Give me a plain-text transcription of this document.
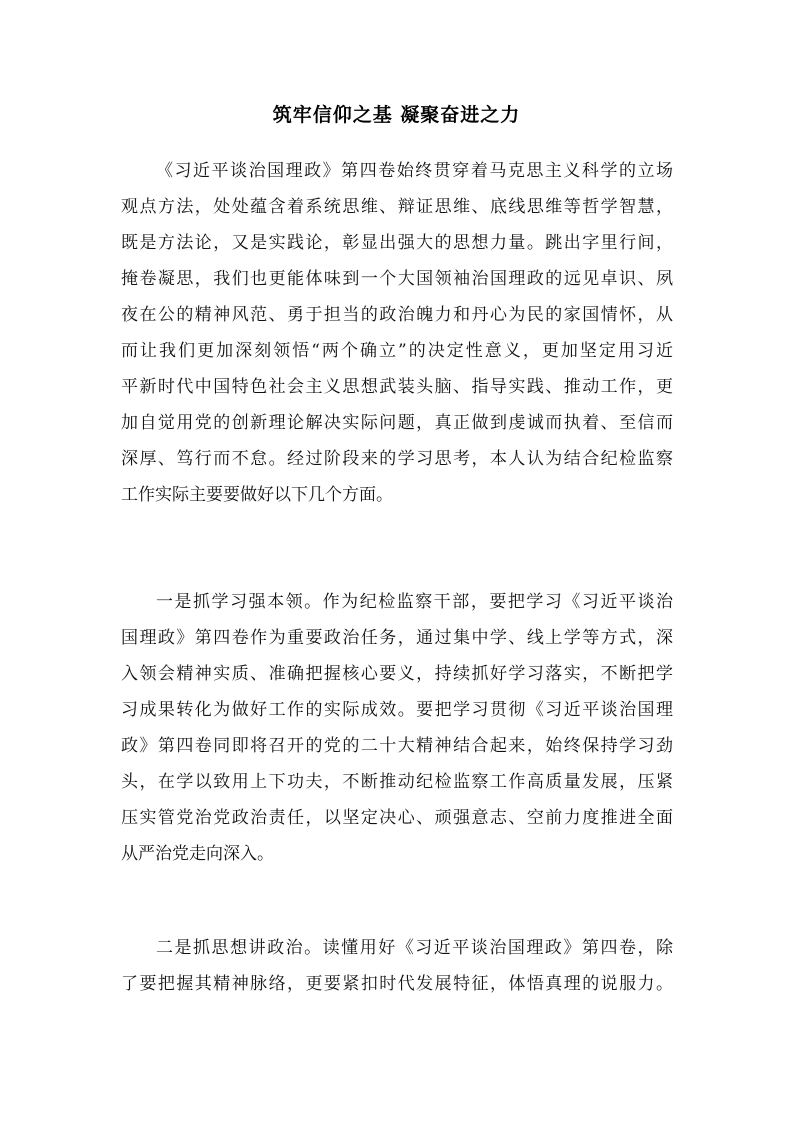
筑牢信仰之基 凝聚奋进之力
《习近平谈治国理政》第四卷始终贯穿着马克思主义科学的立场
观点方法，处处蕴含着系统思维、辩证思维、底线思维等哲学智慧，
既是方法论，又是实践论，彰显出强大的思想力量。跳出字里行间，
掩卷凝思，我们也更能体味到一个大国领袖治国理政的远见卓识、夙
夜在公的精神风范、勇于担当的政治魄力和丹心为民的家国情怀，从
而让我们更加深刻领悟“两个确立”的决定性意义，更加坚定用习近
平新时代中国特色社会主义思想武装头脑、指导实践、推动工作，更
加自觉用党的创新理论解决实际问题，真正做到虔诚而执着、至信而
深厚、笃行而不怠。经过阶段来的学习思考，本人认为结合纪检监察
工作实际主要要做好以下几个方面。
一是抓学习强本领。作为纪检监察干部，要把学习《习近平谈治
国理政》第四卷作为重要政治任务，通过集中学、线上学等方式，深
入领会精神实质、准确把握核心要义，持续抓好学习落实，不断把学
习成果转化为做好工作的实际成效。要把学习贯彻《习近平谈治国理
政》第四卷同即将召开的党的二十大精神结合起来，始终保持学习劲
头，在学以致用上下功夫，不断推动纪检监察工作高质量发展，压紧
压实管党治党政治责任，以坚定决心、顽强意志、空前力度推进全面
从严治党走向深入。
二是抓思想讲政治。读懂用好《习近平谈治国理政》第四卷，除
了要把握其精神脉络，更要紧扣时代发展特征，体悟真理的说服力。
